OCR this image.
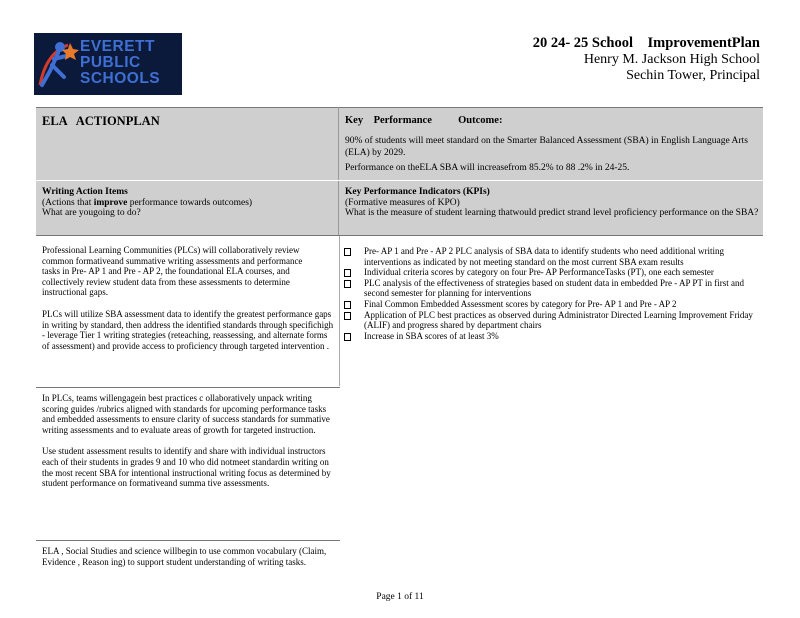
EVERETT
PUBLIC
SCHOOLS
20 24- 25 School    ImprovementPlan
Henry M. Jackson High School
Sechin Tower, Principal
ELA   ACTIONPLAN	Key    Performance          Outcome:

90% of students will meet standard on the Smarter Balanced Assessment (SBA) in English Language Arts (ELA) by 2029.

Performance on theELA SBA will increasefrom 85.2% to 88 .2% in 24-25.

Writing Action Items
(Actions that improve performance towards outcomes)
What are yougoing to do?
Key Performance Indicators (KPIs)
(Formative measures of KPO)
What is the measure of student learning thatwould predict strand level proficiency performance on the SBA?

Professional Learning Communities (PLCs) will collaboratively review common formativeand summative writing assessments and performance tasks in Pre- AP 1 and Pre - AP 2, the foundational ELA courses, and collectively review student data from these assessments to determine instructional gaps.

PLCs will utilize SBA assessment data to identify the greatest performance gaps in writing by standard, then address the identified standards through specifichigh - leverage Tier 1 writing strategies (reteaching, reassessing, and alternate forms of assessment) and provide access to proficiency through targeted intervention .

In PLCs, teams willengagein best practices c ollaboratively unpack writing scoring guides /rubrics aligned with standards for upcoming performance tasks and embedded assessments to ensure clarity of success standards for summative writing assessments and to evaluate areas of growth for targeted instruction.

Use student assessment results to identify and share with individual instructors each of their students in grades 9 and 10 who did notmeet standardin writing on the most recent SBA for intentional instructional writing focus as determined by student performance on formativeand summa tive assessments.

ELA , Social Studies and science willbegin to use common vocabulary (Claim, Evidence , Reason ing) to support student understanding of writing tasks.

Pre- AP 1 and Pre - AP 2 PLC analysis of SBA data to identify students who need additional writing interventions as indicated by not meeting standard on the most current SBA exam results
Individual criteria scores by category on four Pre- AP PerformanceTasks (PT), one each semester
PLC analysis of the effectiveness of strategies based on student data in embedded Pre - AP PT in first and second semester for planning for interventions
Final Common Embedded Assessment scores by category for Pre- AP 1 and Pre - AP 2
Application of PLC best practices as observed during Administrator Directed Learning Improvement Friday (ALIF) and progress shared by department chairs
Increase in SBA scores of at least 3%
Page 1 of 11
